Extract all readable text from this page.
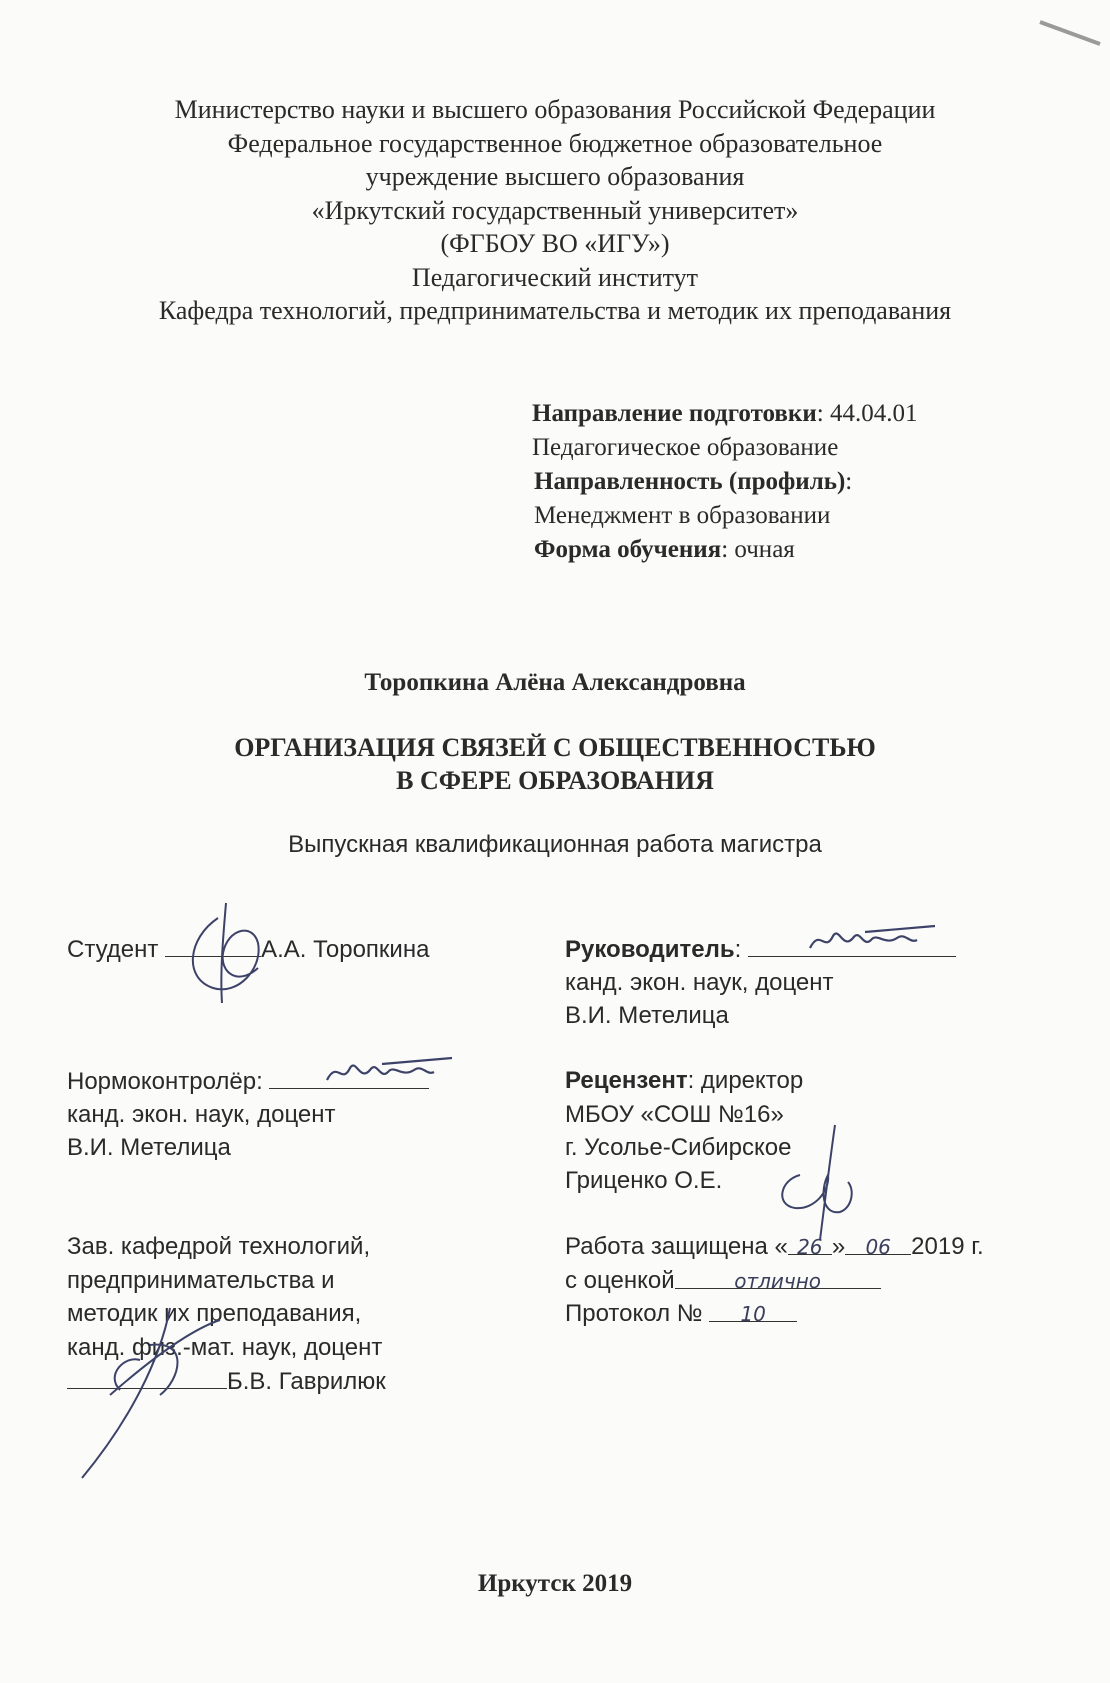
Министерство науки и высшего образования Российской Федерации
Федеральное государственное бюджетное образовательное
учреждение высшего образования
«Иркутский государственный университет»
(ФГБОУ ВО «ИГУ»)
Педагогический институт
Кафедра технологий, предпринимательства и методик их преподавания
Направление подготовки: 44.04.01
Педагогическое образование
Направленность (профиль):
Менеджмент в образовании
Форма обучения: очная
Торопкина Алёна Александровна
ОРГАНИЗАЦИЯ СВЯЗЕЙ С ОБЩЕСТВЕННОСТЬЮ
В СФЕРЕ ОБРАЗОВАНИЯ
Выпускная квалификационная работа магистра
Студент	А.А. Торопкина	Руководитель:
канд. экон. наук, доцент
В.И. Метелица
Нормоконтролёр:
канд. экон. наук, доцент
В.И. Метелица
Рецензент: директор
МБОУ «СОШ №16»
г. Усолье-Сибирское
Гриценко О.Е.
Зав. кафедрой технологий,
предпринимательства и
методик их преподавания,
канд. физ.-мат. наук, доцент
Б.В. Гаврилюк
Работа защищена « 26 » 06 2019 г.
с оценкой	отлично
Протокол № 10
Иркутск 2019
